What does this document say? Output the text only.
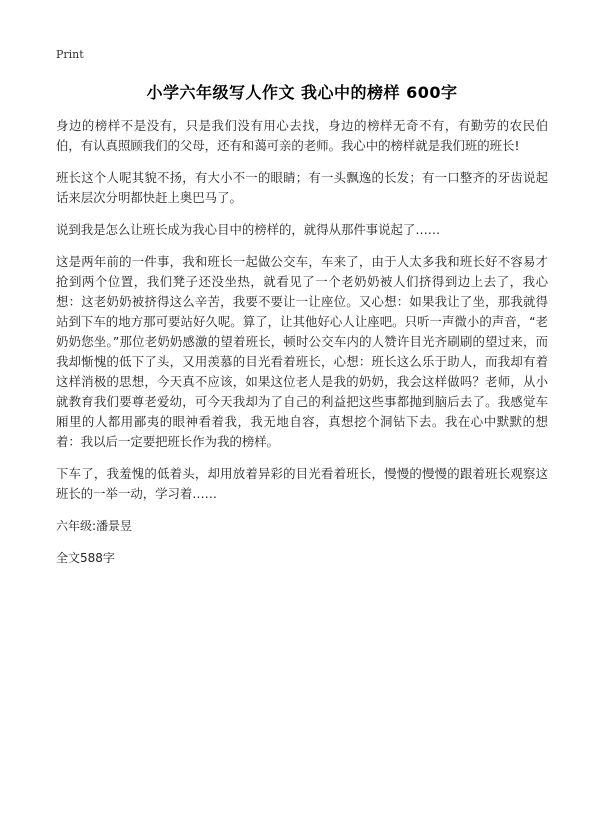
Print
小学六年级写人作文 我心中的榜样 600字

身边的榜样不是没有，只是我们没有用心去找，身边的榜样无奇不有，有勤劳的农民伯伯，有认真照顾我们的父母，还有和蔼可亲的老师。我心中的榜样就是我们班的班长!

班长这个人呢其貌不扬，有大小不一的眼睛；有一头飘逸的长发；有一口整齐的牙齿说起话来层次分明都快赶上奥巴马了。

说到我是怎么让班长成为我心目中的榜样的，就得从那件事说起了……

这是两年前的一件事，我和班长一起做公交车，车来了，由于人太多我和班长好不容易才抢到两个位置，我们凳子还没坐热，就看见了一个老奶奶被人们挤得到边上去了，我心想：这老奶奶被挤得这么辛苦，我要不要让一让座位。又心想：如果我让了坐，那我就得站到下车的地方那可要站好久呢。算了，让其他好心人让座吧。只听一声微小的声音，“老奶奶您坐。”那位老奶奶感激的望着班长，顿时公交车内的人赞许目光齐刷刷的望过来，而我却惭愧的低下了头，又用羡慕的目光看着班长，心想：班长这么乐于助人，而我却有着这样消极的思想，今天真不应该，如果这位老人是我的奶奶，我会这样做吗？老师，从小就教育我们要尊老爱幼，可今天我却为了自己的利益把这些事都抛到脑后去了。我感觉车厢里的人都用鄙夷的眼神看着我，我无地自容，真想挖个洞钻下去。我在心中默默的想着：我以后一定要把班长作为我的榜样。

下车了，我羞愧的低着头，却用放着异彩的目光看着班长，慢慢的慢慢的跟着班长观察这班长的一举一动，学习着……

六年级:潘景昱

全文588字
